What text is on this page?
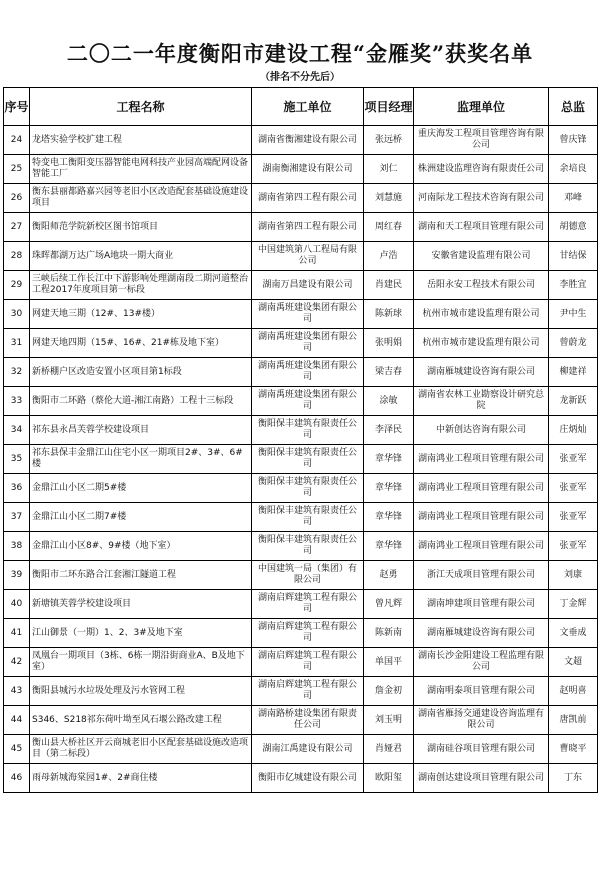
二〇二一年度衡阳市建设工程“金雁奖”获奖名单
（排名不分先后）
序号	工程名称	施工单位	项目经理	监理单位	总监
24	龙塔实验学校扩建工程	湖南省衡湘建设有限公司	张远桥	重庆海发工程项目管理咨询有限公司	曾庆锋
25	特变电工衡阳变压器智能电网科技产业园高端配网设备智能工厂	湖南衡湘建设有限公司	刘仁	株洲建设监理咨询有限责任公司	余培良
26	衡东县丽都路嘉兴园等老旧小区改造配套基础设施建设项目	湖南省第四工程有限公司	刘慧施	河南际龙工程技术咨询有限公司	邓峰
27	衡阳师范学院新校区图书馆项目	湖南省第四工程有限公司	周红春	湖南和天工程项目管理有限公司	胡德意
28	珠晖都湖万达广场A地块一期大商业	中国建筑第八工程局有限公司	卢浩	安徽省建设监理有限公司	甘结保
29	三峡后续工作长江中下游影响处理湖南段二期河道整治工程2017年度项目第一标段	湖南万昌建设有限公司	肖建民	岳阳永安工程技术有限公司	李胜宜
30	网建天地三期（12#、13#楼）	湖南禹班建设集团有限公司	陈新球	杭州市城市建设监理有限公司	尹中生
31	网建天地四期（15#、16#、21#栋及地下室）	湖南禹班建设集团有限公司	张明娟	杭州市城市建设监理有限公司	曾蔚龙
32	新桥棚户区改造安置小区项目第1标段	湖南禹班建设集团有限公司	梁吉春	湖南雁城建设咨询有限公司	柳建祥
33	衡阳市二环路（蔡伦大道-湘江南路）工程十三标段	湖南禹班建设集团有限公司	涂敏	湖南省农林工业勘察设计研究总院	龙新跃
34	祁东县永昌芙蓉学校建设项目	衡阳保丰建筑有限责任公司	李泽民	中新创达咨询有限公司	庄炳灿
35	祁东县保丰金鼎江山住宅小区一期项目2#、3#、6#楼	衡阳保丰建筑有限责任公司	章华锋	湖南鸿业工程项目管理有限公司	张亚军
36	金鼎江山小区二期5#楼	衡阳保丰建筑有限责任公司	章华锋	湖南鸿业工程项目管理有限公司	张亚军
37	金鼎江山小区二期7#楼	衡阳保丰建筑有限责任公司	章华锋	湖南鸿业工程项目管理有限公司	张亚军
38	金鼎江山小区8#、9#楼（地下室）	衡阳保丰建筑有限责任公司	章华锋	湖南鸿业工程项目管理有限公司	张亚军
39	衡阳市二环东路合江套湘江隧道工程	中国建筑一局（集团）有限公司	赵勇	浙江天成项目管理有限公司	刘康
40	新塘镇芙蓉学校建设项目	湖南启辉建筑工程有限公司	曾凡辉	湖南坤建项目管理有限公司	丁金辉
41	江山御景（一期）1、2、3#及地下室	湖南启辉建筑工程有限公司	陈新南	湖南雁城建设咨询有限公司	文垂成
42	凤凰台一期项目（3栋、6栋一期沿街商业A、B及地下室）	湖南启辉建筑工程有限公司	单国平	湖南长沙金阳建设工程监理有限公司	文超
43	衡阳县城污水垃圾处理及污水管网工程	湖南启辉建筑工程有限公司	詹金初	湖南明泰项目管理有限公司	赵明喜
44	S346、S218祁东荷叶坳至风石堰公路改建工程	湖南路桥建设集团有限责任公司	刘玉明	湖南省雁扬交通建设咨询监理有限公司	唐凯前
45	衡山县大桥社区开云商城老旧小区配套基础设施改造项目（第二标段）	湖南江禹建设有限公司	肖娅君	湖南硅谷项目管理有限公司	曹晓平
46	雨母新城海棠园1#、2#商住楼	衡阳市亿城建设有限公司	欧阳玺	湖南创达建设项目管理有限公司	丁东
